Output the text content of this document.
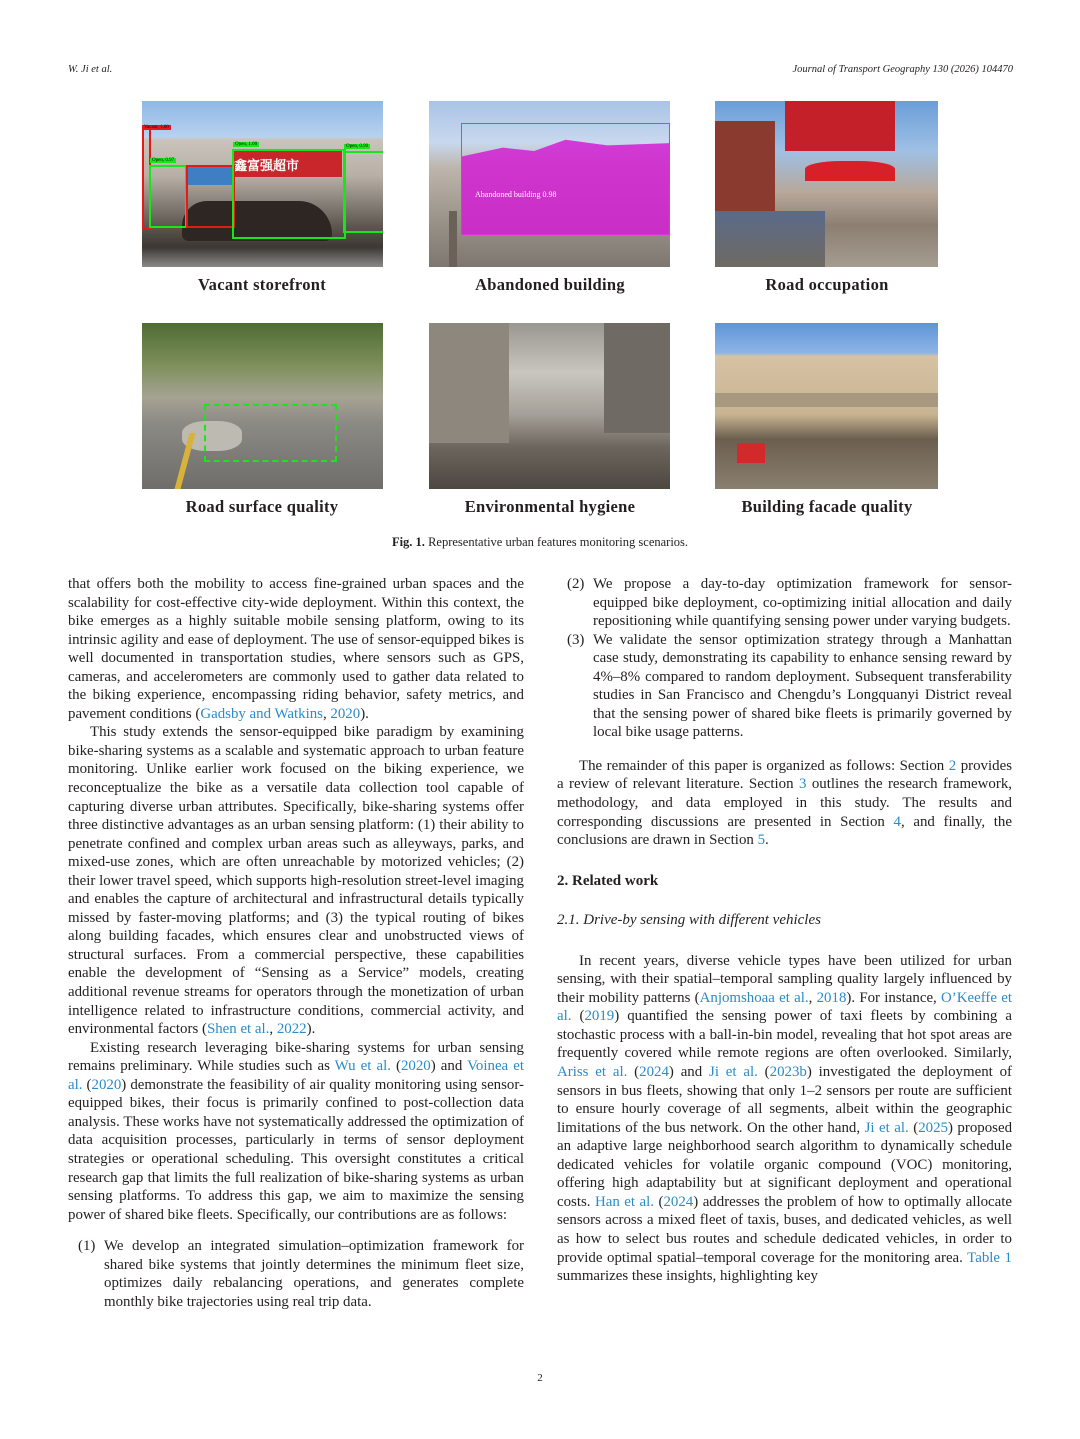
W. Ji et al.	Journal of Transport Geography 130 (2026) 104470
鑫富强超市
Vacant, 1.00
Open, 0.97
Open, 1.00	Open, 0.99
Abandoned building 0.98
Vacant storefront	Abandoned building	Road occupation
Road surface quality	Environmental hygiene	Building facade quality
Fig. 1. Representative urban features monitoring scenarios.

that offers both the mobility to access fine-grained urban spaces and the scalability for cost-effective city-wide deployment. Within this context, the bike emerges as a highly suitable mobile sensing platform, owing to its intrinsic agility and ease of deployment. The use of sensor-equipped bikes is well documented in transportation studies, where sensors such as GPS, cameras, and accelerometers are commonly used to gather data related to the biking experience, encompassing riding behavior, safety metrics, and pavement conditions (Gadsby and Watkins, 2020).

This study extends the sensor-equipped bike paradigm by examining bike-sharing systems as a scalable and systematic approach to urban feature monitoring. Unlike earlier work focused on the biking experience, we reconceptualize the bike as a versatile data collection tool capable of capturing diverse urban attributes. Specifically, bike-sharing systems offer three distinctive advantages as an urban sensing platform: (1) their ability to penetrate confined and complex urban areas such as alleyways, parks, and mixed-use zones, which are often unreachable by motorized vehicles; (2) their lower travel speed, which supports high-resolution street-level imaging and enables the capture of architectural and infrastructural details typically missed by faster-moving platforms; and (3) the typical routing of bikes along building facades, which ensures clear and unobstructed views of structural surfaces. From a commercial perspective, these capabilities enable the development of “Sensing as a Service” models, creating additional revenue streams for operators through the monetization of urban intelligence related to infrastructure conditions, commercial activity, and environmental factors (Shen et al., 2022).

Existing research leveraging bike-sharing systems for urban sensing remains preliminary. While studies such as Wu et al. (2020) and Voinea et al. (2020) demonstrate the feasibility of air quality monitoring using sensor-equipped bikes, their focus is primarily confined to post-collection data analysis. These works have not systematically addressed the optimization of data acquisition processes, particularly in terms of sensor deployment strategies or operational scheduling. This oversight constitutes a critical research gap that limits the full realization of bike-sharing systems as urban sensing platforms. To address this gap, we aim to maximize the sensing power of shared bike fleets. Specifically, our contributions are as follows:

(1) We develop an integrated simulation–optimization framework for shared bike systems that jointly determines the minimum fleet size, optimizes daily rebalancing operations, and generates complete monthly bike trajectories using real trip data.
(2) We propose a day-to-day optimization framework for sensor-equipped bike deployment, co-optimizing initial allocation and daily repositioning while quantifying sensing power under varying budgets.
(3) We validate the sensor optimization strategy through a Manhattan case study, demonstrating its capability to enhance sensing reward by 4%–8% compared to random deployment. Subsequent transferability studies in San Francisco and Chengdu’s Longquanyi District reveal that the sensing power of shared bike fleets is primarily governed by local bike usage patterns.

The remainder of this paper is organized as follows: Section 2 provides a review of relevant literature. Section 3 outlines the research framework, methodology, and data employed in this study. The results and corresponding discussions are presented in Section 4, and finally, the conclusions are drawn in Section 5.

2. Related work
2.1. Drive-by sensing with different vehicles

In recent years, diverse vehicle types have been utilized for urban sensing, with their spatial–temporal sampling quality largely influenced by their mobility patterns (Anjomshoaa et al., 2018). For instance, O’Keeffe et al. (2019) quantified the sensing power of taxi fleets by combining a stochastic process with a ball-in-bin model, revealing that hot spot areas are frequently covered while remote regions are often overlooked. Similarly, Ariss et al. (2024) and Ji et al. (2023b) investigated the deployment of sensors in bus fleets, showing that only 1–2 sensors per route are sufficient to ensure hourly coverage of all segments, albeit within the geographic limitations of the bus network. On the other hand, Ji et al. (2025) proposed an adaptive large neighborhood search algorithm to dynamically schedule dedicated vehicles for volatile organic compound (VOC) monitoring, offering high adaptability but at significant deployment and operational costs. Han et al. (2024) addresses the problem of how to optimally allocate sensors across a mixed fleet of taxis, buses, and dedicated vehicles, as well as how to select bus routes and schedule dedicated vehicles, in order to provide optimal spatial–temporal coverage for the monitoring area. Table 1 summarizes these insights, highlighting key

2
